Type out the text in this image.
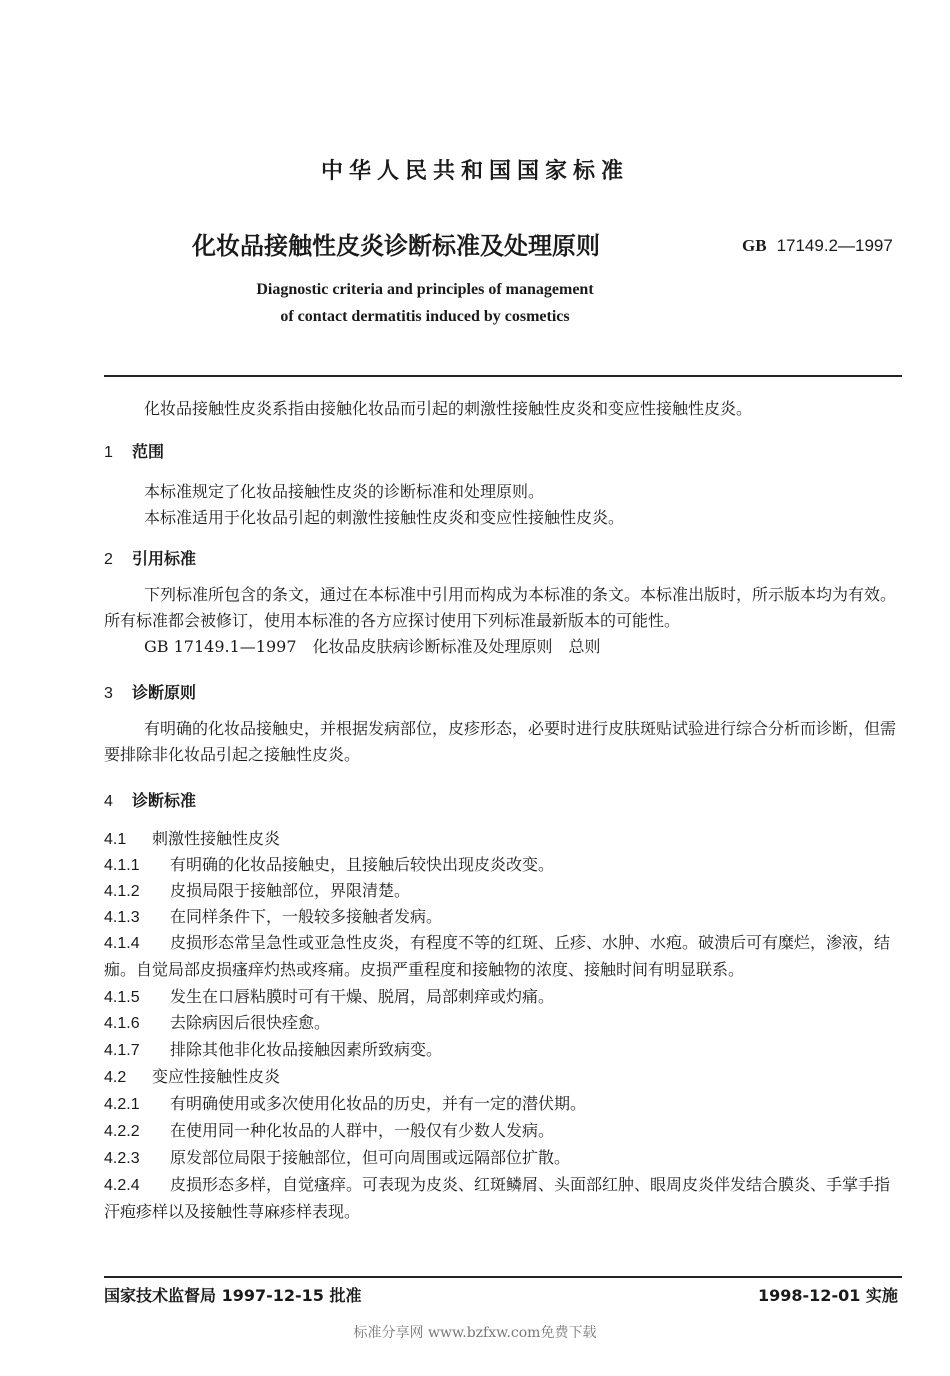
中华人民共和国国家标准
化妆品接触性皮炎诊断标准及处理原则	GB 17149.2—1997
Diagnostic criteria and principles of management
of contact dermatitis induced by cosmetics
化妆品接触性皮炎系指由接触化妆品而引起的刺激性接触性皮炎和变应性接触性皮炎。
1 范围
本标准规定了化妆品接触性皮炎的诊断标准和处理原则。
本标准适用于化妆品引起的刺激性接触性皮炎和变应性接触性皮炎。
2 引用标准
下列标准所包含的条文，通过在本标准中引用而构成为本标准的条文。本标准出版时，所示版本均为有效。所有标准都会被修订，使用本标准的各方应探讨使用下列标准最新版本的可能性。
GB 17149.1—1997　化妆品皮肤病诊断标准及处理原则　总则
3 诊断原则
有明确的化妆品接触史，并根据发病部位，皮疹形态，必要时进行皮肤斑贴试验进行综合分析而诊断，但需要排除非化妆品引起之接触性皮炎。
4 诊断标准
4.1 刺激性接触性皮炎
4.1.1 有明确的化妆品接触史，且接触后较快出现皮炎改变。
4.1.2 皮损局限于接触部位，界限清楚。
4.1.3 在同样条件下，一般较多接触者发病。
4.1.4 皮损形态常呈急性或亚急性皮炎，有程度不等的红斑、丘疹、水肿、水疱。破溃后可有糜烂，渗液，结痂。自觉局部皮损瘙痒灼热或疼痛。皮损严重程度和接触物的浓度、接触时间有明显联系。
4.1.5 发生在口唇粘膜时可有干燥、脱屑，局部刺痒或灼痛。
4.1.6 去除病因后很快痊愈。
4.1.7 排除其他非化妆品接触因素所致病变。
4.2 变应性接触性皮炎
4.2.1 有明确使用或多次使用化妆品的历史，并有一定的潜伏期。
4.2.2 在使用同一种化妆品的人群中，一般仅有少数人发病。
4.2.3 原发部位局限于接触部位，但可向周围或远隔部位扩散。
4.2.4 皮损形态多样，自觉瘙痒。可表现为皮炎、红斑鳞屑、头面部红肿、眼周皮炎伴发结合膜炎、手掌手指汗疱疹样以及接触性荨麻疹样表现。
国家技术监督局 1997-12-15 批准	1998-12-01 实施
标准分享网 www.bzfxw.com免费下载
